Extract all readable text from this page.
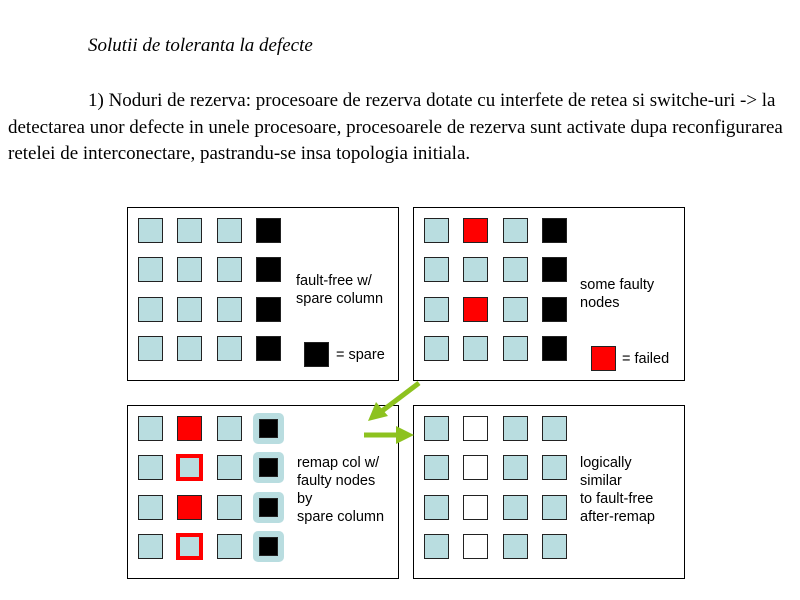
Solutii de toleranta la defecte
1) Noduri de rezerva: procesoare de rezerva dotate cu interfete de retea si switche-uri -> la detectarea unor defecte in unele procesoare, procesoarele de rezerva sunt activate dupa reconfigurarea retelei de interconectare, pastrandu-se insa topologia initiala.
fault-free w/
spare column
= spare
some faulty
nodes
= failed
remap col w/
faulty nodes
by
spare column
logically
similar
to fault-free
after-remap
